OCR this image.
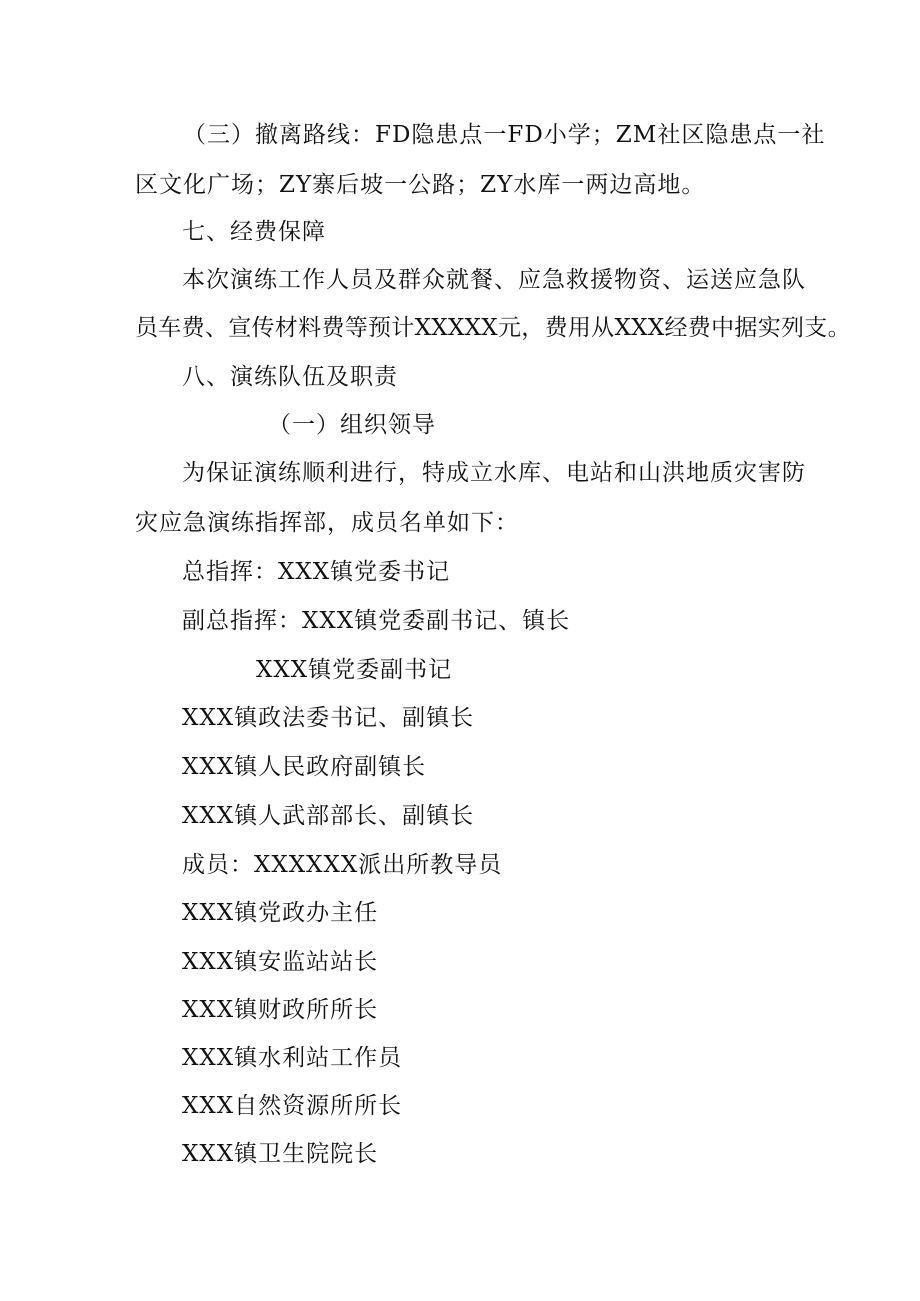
（三）撤离路线：FD隐患点一FD小学；ZM社区隐患点一社
区文化广场；ZY寨后坡一公路；ZY水库一两边高地。
七、经费保障
本次演练工作人员及群众就餐、应急救援物资、运送应急队
员车费、宣传材料费等预计XXXXX元，费用从XXX经费中据实列支。
八、演练队伍及职责
（一）组织领导
为保证演练顺利进行，特成立水库、电站和山洪地质灾害防
灾应急演练指挥部，成员名单如下：
总指挥：XXX镇党委书记
副总指挥：XXX镇党委副书记、镇长
XXX镇党委副书记
XXX镇政法委书记、副镇长
XXX镇人民政府副镇长
XXX镇人武部部长、副镇长
成员：XXXXXX派出所教导员
XXX镇党政办主任
XXX镇安监站站长
XXX镇财政所所长
XXX镇水利站工作员
XXX自然资源所所长
XXX镇卫生院院长
